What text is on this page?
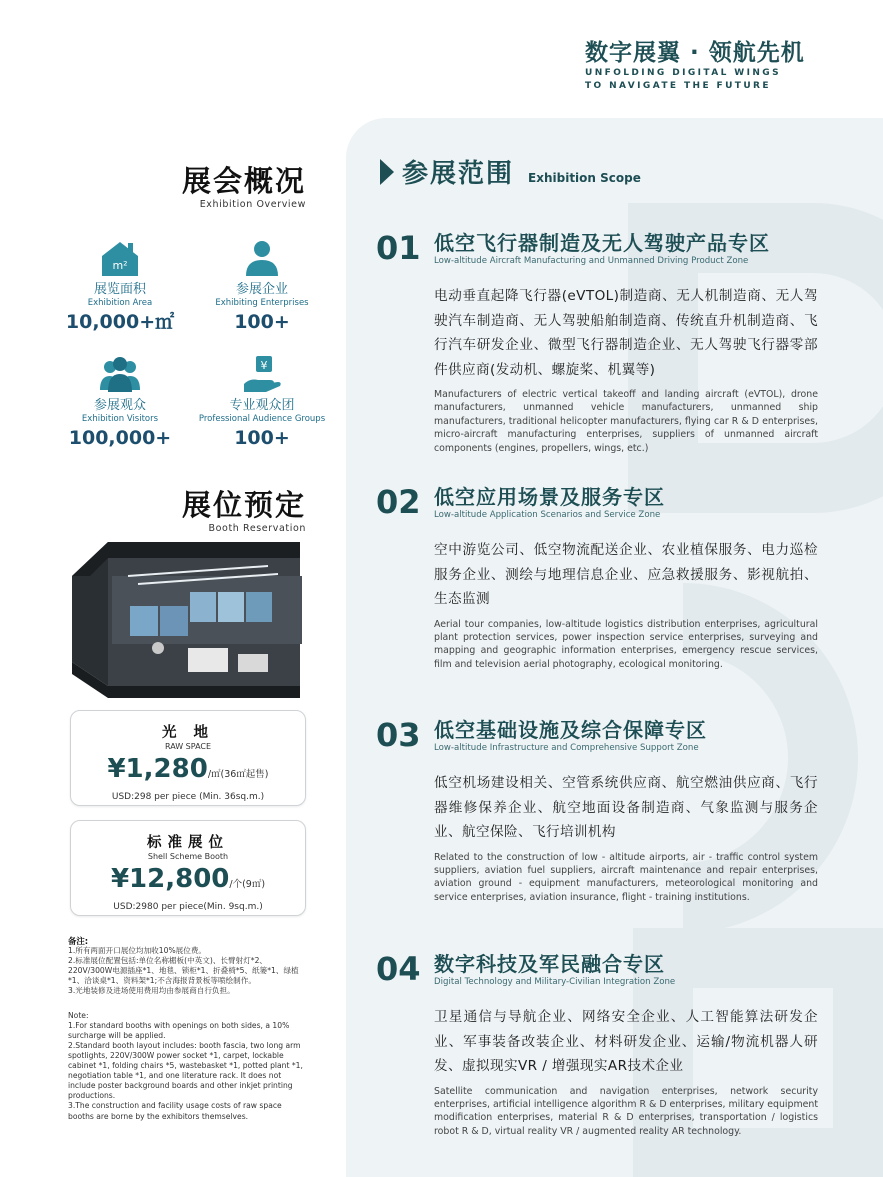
数字展翼 · 领航先机
UNFOLDING DIGITAL WINGS
TO NAVIGATE THE FUTURE
展会概况
Exhibition Overview
m²
展览面积
Exhibition Area
10,000+㎡
参展企业
Exhibiting Enterprises
100+
参展观众
Exhibition Visitors
100,000+
¥
专业观众团
Professional Audience Groups
100+
展位预定
Booth Reservation
光 地
RAW SPACE
¥1,280/㎡(36㎡起售)
USD:298 per piece (Min. 36sq.m.)
标准展位
Shell Scheme Booth
¥12,800/个(9㎡)
USD:2980 per piece(Min. 9sq.m.)

备注:

1.所有两面开口展位均加收10%展位费。

2.标准展位配置包括:单位名称楣板(中英文)、长臂射灯*2、220V/300W电源插座*1、地毯、锁柜*1、折叠椅*5、纸篓*1、绿植*1、洽谈桌*1、资料架*1;不含海报背景板等喷绘制作。

3.光地装修及进场使用费用均由参展商自行负担。

Note:

1.For standard booths with openings on both sides, a 10% surcharge will be applied.

2.Standard booth layout includes: booth fascia, two long arm spotlights, 220V/300W power socket *1, carpet, lockable cabinet *1, folding chairs *5, wastebasket *1, potted plant *1, negotiation table *1, and one literature rack. It does not include poster background boards and other inkjet printing productions.

3.The construction and facility usage costs of raw space booths are borne by the exhibitors themselves.

参展范围 Exhibition Scope
01 低空飞行器制造及无人驾驶产品专区
Low-altitude Aircraft Manufacturing and Unmanned Driving Product Zone
电动垂直起降飞行器(eVTOL)制造商、无人机制造商、无人驾驶汽车制造商、无人驾驶船舶制造商、传统直升机制造商、飞行汽车研发企业、微型飞行器制造企业、无人驾驶飞行器零部件供应商(发动机、螺旋桨、机翼等)
Manufacturers of electric vertical takeoff and landing aircraft (eVTOL), drone manufacturers, unmanned vehicle manufacturers, unmanned ship manufacturers, traditional helicopter manufacturers, flying car R & D enterprises, micro-aircraft manufacturing enterprises, suppliers of unmanned aircraft components (engines, propellers, wings, etc.)
02 低空应用场景及服务专区
Low-altitude Application Scenarios and Service Zone
空中游览公司、低空物流配送企业、农业植保服务、电力巡检服务企业、测绘与地理信息企业、应急救援服务、影视航拍、生态监测
Aerial tour companies, low-altitude logistics distribution enterprises, agricultural plant protection services, power inspection service enterprises, surveying and mapping and geographic information enterprises, emergency rescue services, film and television aerial photography, ecological monitoring.
03 低空基础设施及综合保障专区
Low-altitude Infrastructure and Comprehensive Support Zone
低空机场建设相关、空管系统供应商、航空燃油供应商、飞行器维修保养企业、航空地面设备制造商、气象监测与服务企业、航空保险、飞行培训机构
Related to the construction of low - altitude airports, air - traffic control system suppliers, aviation fuel suppliers, aircraft maintenance and repair enterprises, aviation ground - equipment manufacturers, meteorological monitoring and service enterprises, aviation insurance, flight - training institutions.
04 数字科技及军民融合专区
Digital Technology and Military-Civilian Integration Zone
卫星通信与导航企业、网络安全企业、人工智能算法研发企业、军事装备改装企业、材料研发企业、运输/物流机器人研发、虚拟现实VR / 增强现实AR技术企业
Satellite communication and navigation enterprises, network security enterprises, artificial intelligence algorithm R & D enterprises, military equipment modification enterprises, material R & D enterprises, transportation / logistics robot R & D, virtual reality VR / augmented reality AR technology.
